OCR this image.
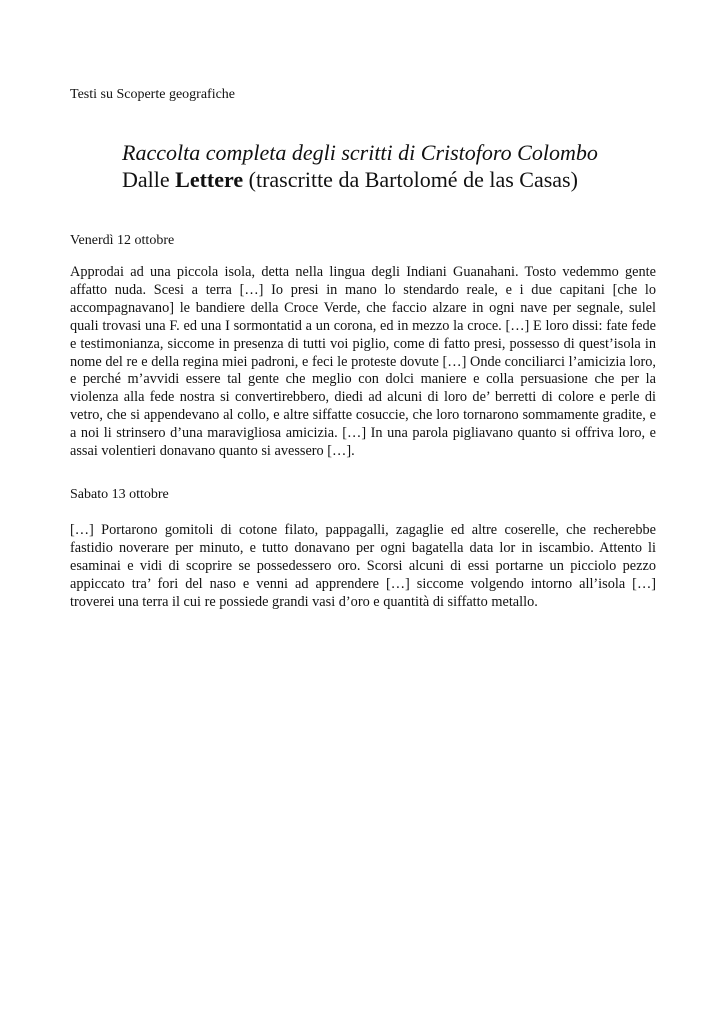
Testi su Scoperte geografiche
Raccolta completa degli scritti di Cristoforo Colombo
Dalle Lettere (trascritte da Bartolomé de las Casas)
Venerdì 12 ottobre

Approdai ad una piccola isola, detta nella lingua degli Indiani Guanahani. Tosto vedemmo gente affatto nuda. Scesi a terra […] Io presi in mano lo stendardo reale, e i due capitani [che lo accompagnavano] le bandiere della Croce Verde, che faccio alzare in ogni nave per segnale, sulel quali trovasi una F. ed una I sormontatid a un corona, ed in mezzo la croce. […] E loro dissi: fate fede e testimonianza, siccome in presenza di tutti voi piglio, come di fatto presi, possesso di quest’isola in nome del re e della regina miei padroni, e feci le proteste dovute […] Onde conciliarci l’amicizia loro, e perché m’avvidi essere tal gente che meglio con dolci maniere e colla persuasione che per la violenza alla fede nostra si convertirebbero, diedi ad alcuni di loro de’ berretti di colore e perle di vetro, che si appendevano al collo, e altre siffatte cosuccie, che loro tornarono sommamente gradite, e a noi li strinsero d’una maravigliosa amicizia. […] In una parola pigliavano quanto si offriva loro, e assai volentieri donavano quanto si avessero […].

Sabato 13 ottobre

[…] Portarono gomitoli di cotone filato, pappagalli, zagaglie ed altre coserelle, che recherebbe fastidio noverare per minuto, e tutto donavano per ogni bagatella data lor in iscambio. Attento li esaminai e vidi di scoprire se possedessero oro. Scorsi alcuni di essi portarne un picciolo pezzo appiccato tra’ fori del naso e venni ad apprendere […] siccome volgendo intorno all’isola […] troverei una terra il cui re possiede grandi vasi d’oro e quantità di siffatto metallo.
